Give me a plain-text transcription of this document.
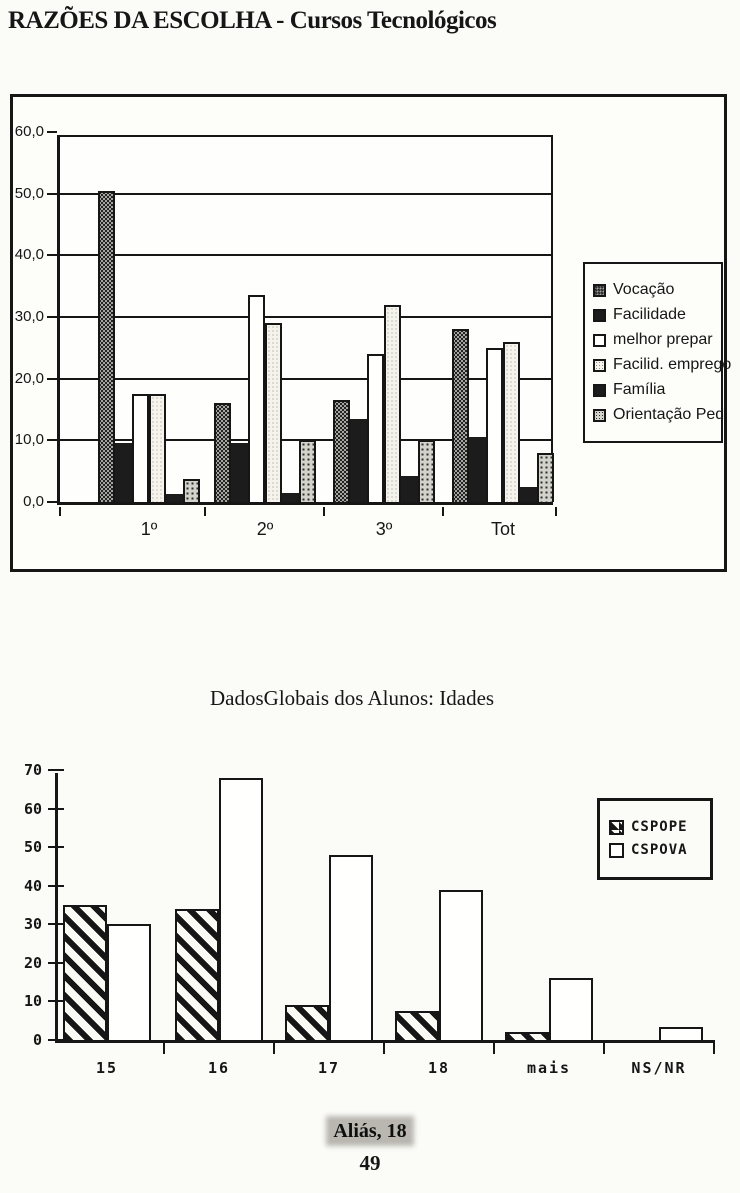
RAZÕES DA ESCOLHA - Cursos Tecnológicos
0,0
10,0
20,0
30,0
40,0
50,0
60,0
1º	2º	3º	Tot
Vocação
Facilidade
melhor prepar
Facilid. emprego
Família
Orientação Ped
DadosGlobais dos Alunos: Idades
0
10
20
30
40
50
60
70
15	16	17	18	mais	NS/NR
CSPOPE
CSPOVA
Aliás, 18
49
